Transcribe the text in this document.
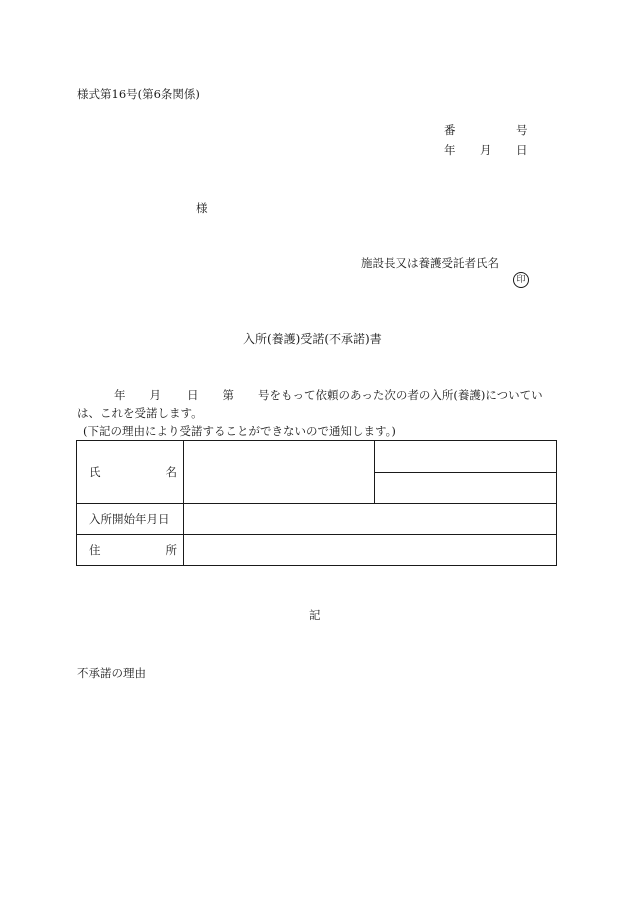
様式第16号(第6条関係)
番	号
年 月 日
様
施設長又は養護受託者氏名
印
入所(養護)受諾(不承諾)書
年 月 日 第 号をもって依頼のあった次の者の入所(養護)についてい
は、これを受諾します。
(下記の理由により受諾することができないので通知します。)
氏 名		

入所開始年月日		

住 所		

記
不承諾の理由
